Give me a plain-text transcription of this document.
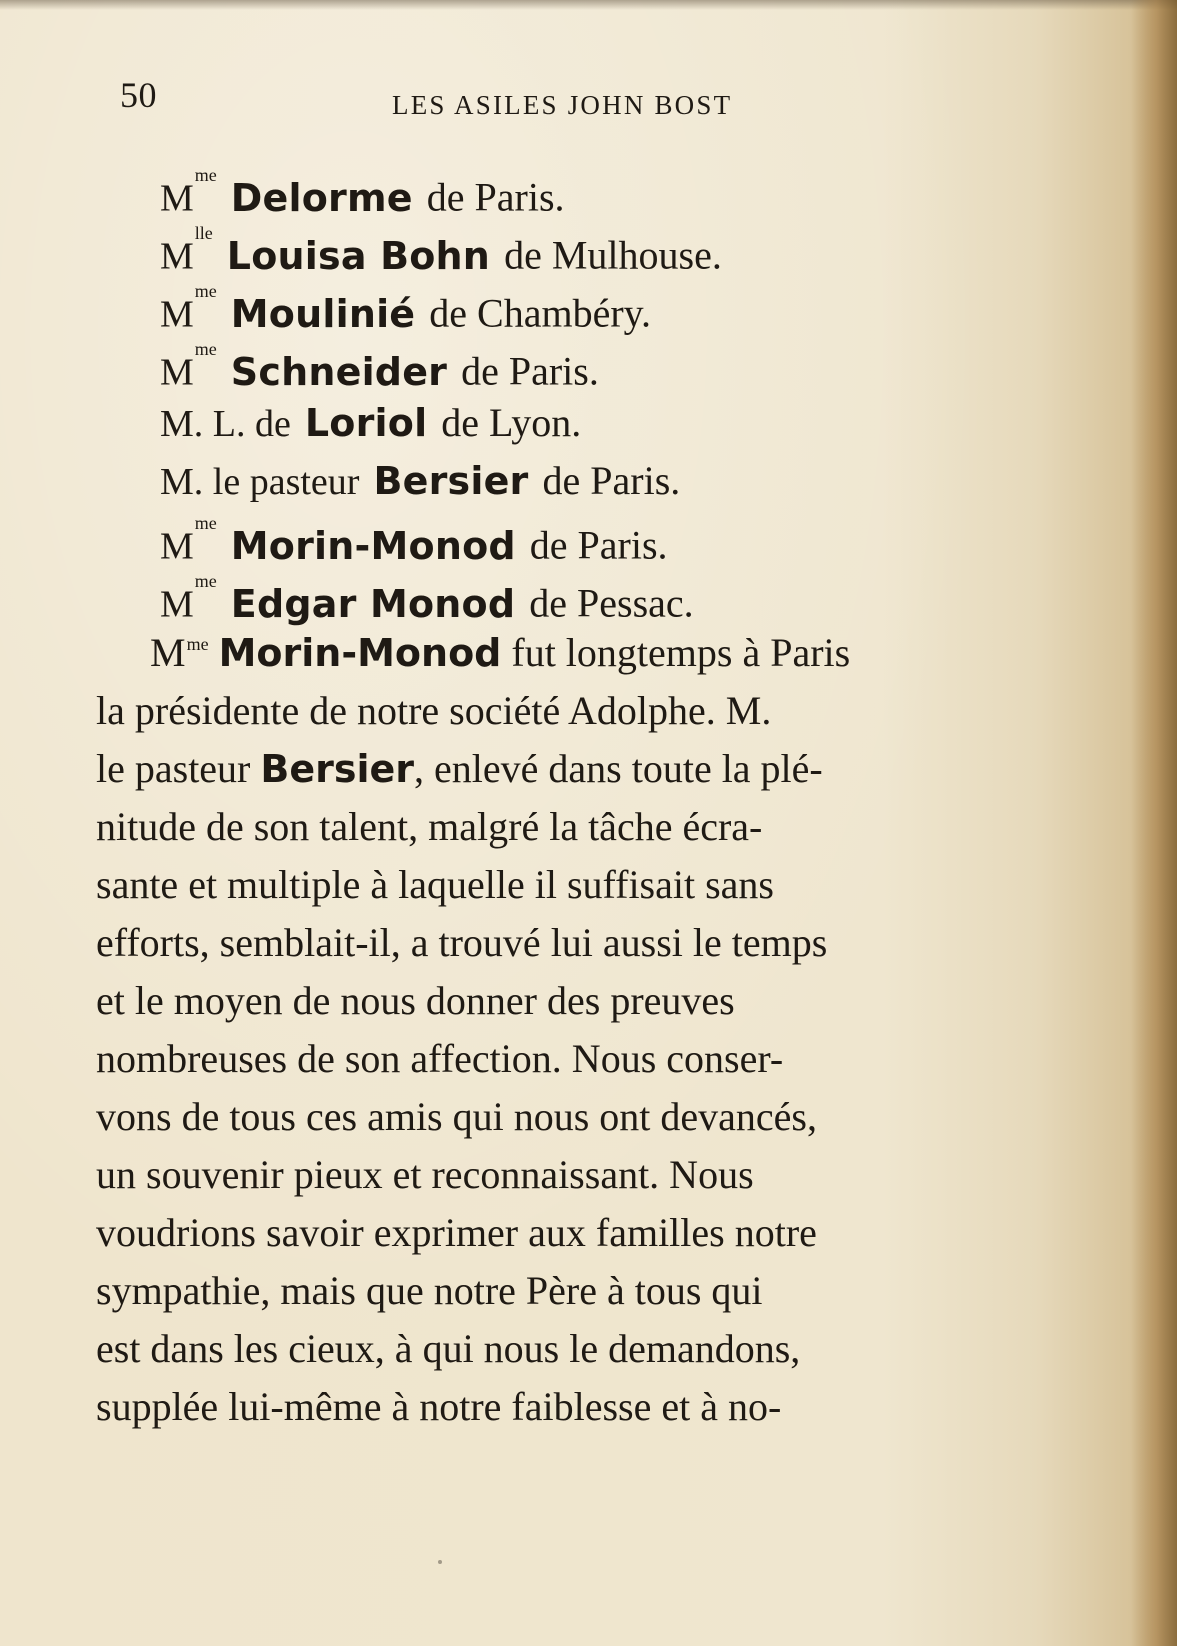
50	LES ASILES JOHN BOST
$M^{me}Delorme$ de Paris.
$M^{lle}Louisa$ Bohn de Mulhouse.
$M^{me}Moulinié$ de Chambéry.
$M^{me}Schneider$ de Paris.
M. L. de Loriol de Lyon.
M. le pasteur Bersier de Paris.
$M^{me}Morin$-Monod de Paris.
$M^{me}Edgar$ Monod de Pessac.
$M^{me}$ Morin-Monod fut longtemps à Paris
la présidente de notre société Adolphe. M.
le pasteur Bersier, enlevé dans toute la plé-
nitude de son talent, malgré la tâche écra-
sante et multiple à laquelle il suffisait sans
efforts, semblait-il, a trouvé lui aussi le temps
et le moyen de nous donner des preuves
nombreuses de son affection. Nous conser-
vons de tous ces amis qui nous ont devancés,
un souvenir pieux et reconnaissant. Nous
voudrions savoir exprimer aux familles notre
sympathie, mais que notre Père à tous qui
est dans les cieux, à qui nous le demandons,
supplée lui-même à notre faiblesse et à no-
